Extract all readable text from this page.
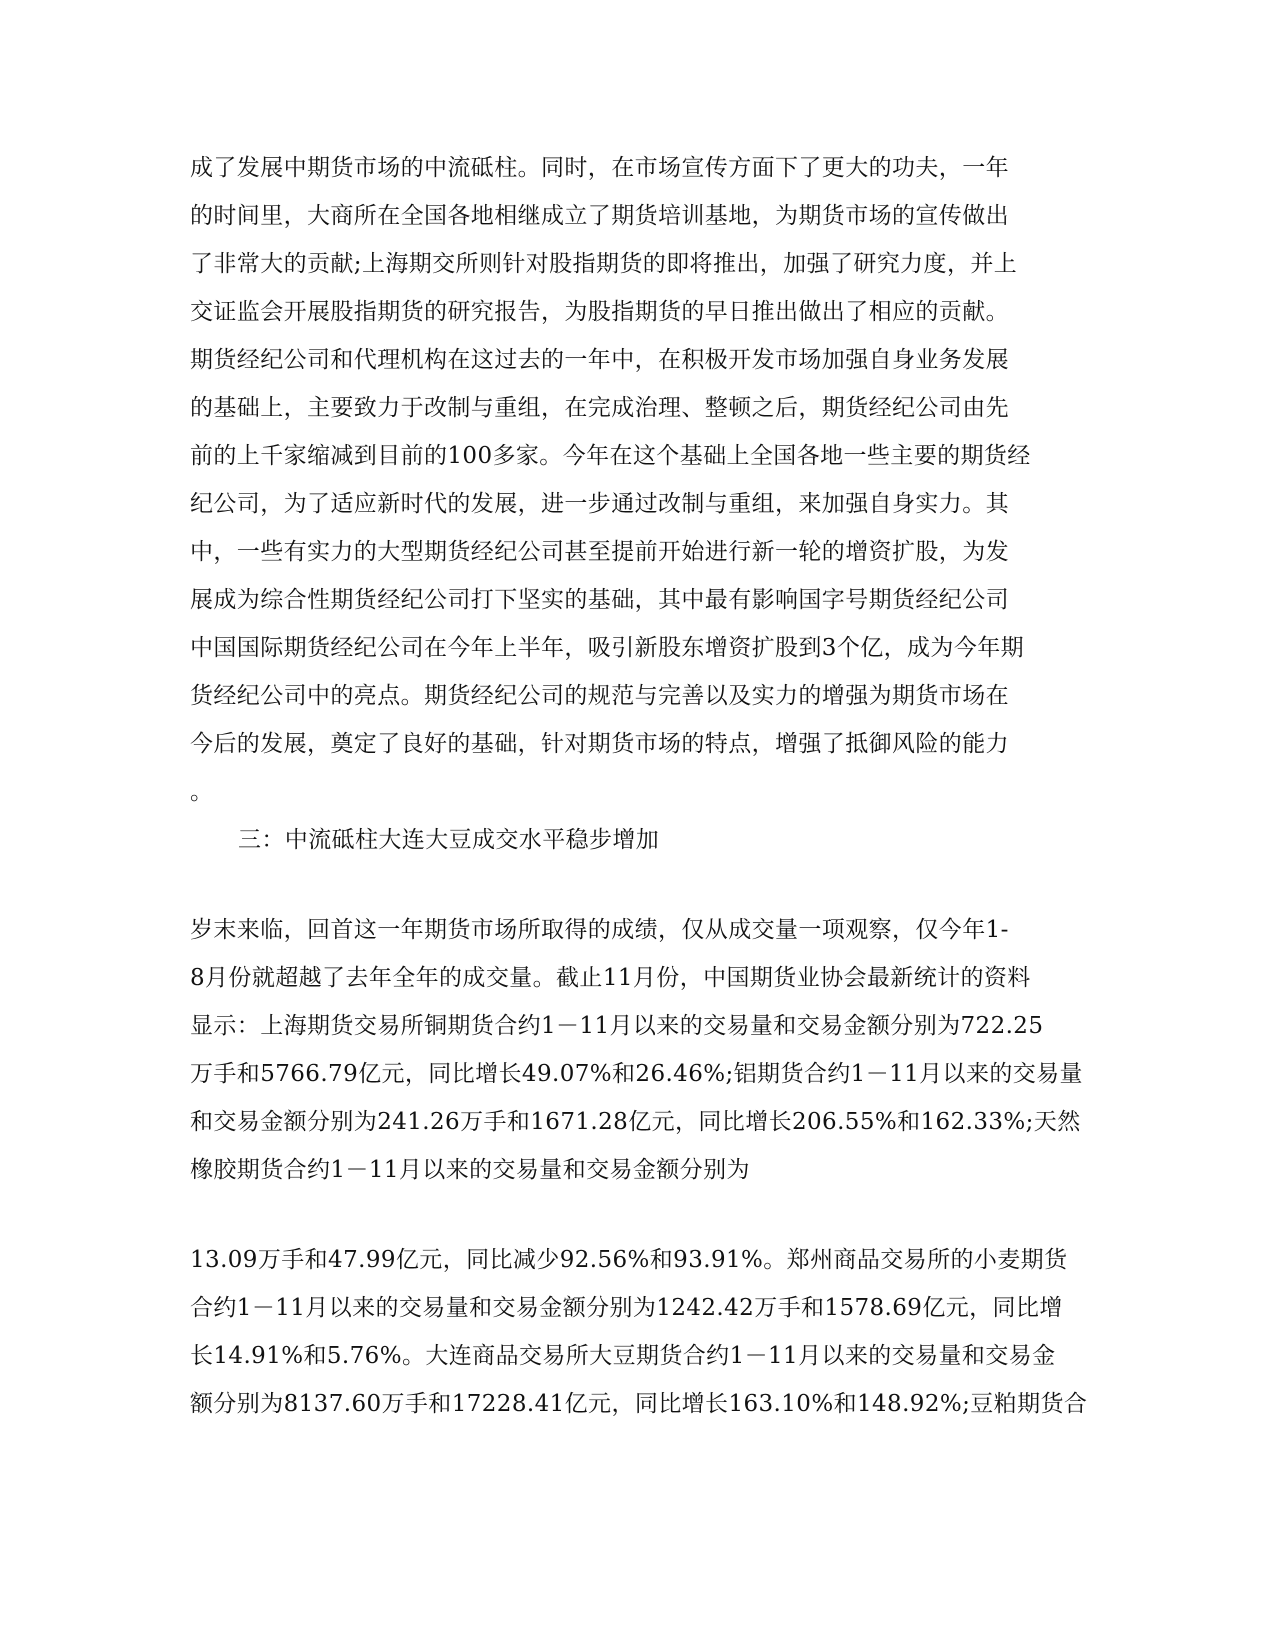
成了发展中期货市场的中流砥柱。同时，在市场宣传方面下了更大的功夫，一年
的时间里，大商所在全国各地相继成立了期货培训基地，为期货市场的宣传做出
了非常大的贡献;上海期交所则针对股指期货的即将推出，加强了研究力度，并上
交证监会开展股指期货的研究报告，为股指期货的早日推出做出了相应的贡献。
期货经纪公司和代理机构在这过去的一年中，在积极开发市场加强自身业务发展
的基础上，主要致力于改制与重组，在完成治理、整顿之后，期货经纪公司由先
前的上千家缩减到目前的100多家。今年在这个基础上全国各地一些主要的期货经
纪公司，为了适应新时代的发展，进一步通过改制与重组，来加强自身实力。其
中，一些有实力的大型期货经纪公司甚至提前开始进行新一轮的增资扩股，为发
展成为综合性期货经纪公司打下坚实的基础，其中最有影响国字号期货经纪公司
中国国际期货经纪公司在今年上半年，吸引新股东增资扩股到3个亿，成为今年期
货经纪公司中的亮点。期货经纪公司的规范与完善以及实力的增强为期货市场在
今后的发展，奠定了良好的基础，针对期货市场的特点，增强了抵御风险的能力
。
三：中流砥柱大连大豆成交水平稳步增加
岁末来临，回首这一年期货市场所取得的成绩，仅从成交量一项观察，仅今年1-
8月份就超越了去年全年的成交量。截止11月份，中国期货业协会最新统计的资料
显示：上海期货交易所铜期货合约1－11月以来的交易量和交易金额分别为722.25
万手和5766.79亿元，同比增长49.07%和26.46%;铝期货合约1－11月以来的交易量
和交易金额分别为241.26万手和1671.28亿元，同比增长206.55%和162.33%;天然
橡胶期货合约1－11月以来的交易量和交易金额分别为
13.09万手和47.99亿元，同比减少92.56%和93.91%。郑州商品交易所的小麦期货
合约1－11月以来的交易量和交易金额分别为1242.42万手和1578.69亿元，同比增
长14.91%和5.76%。大连商品交易所大豆期货合约1－11月以来的交易量和交易金
额分别为8137.60万手和17228.41亿元，同比增长163.10%和148.92%;豆粕期货合
